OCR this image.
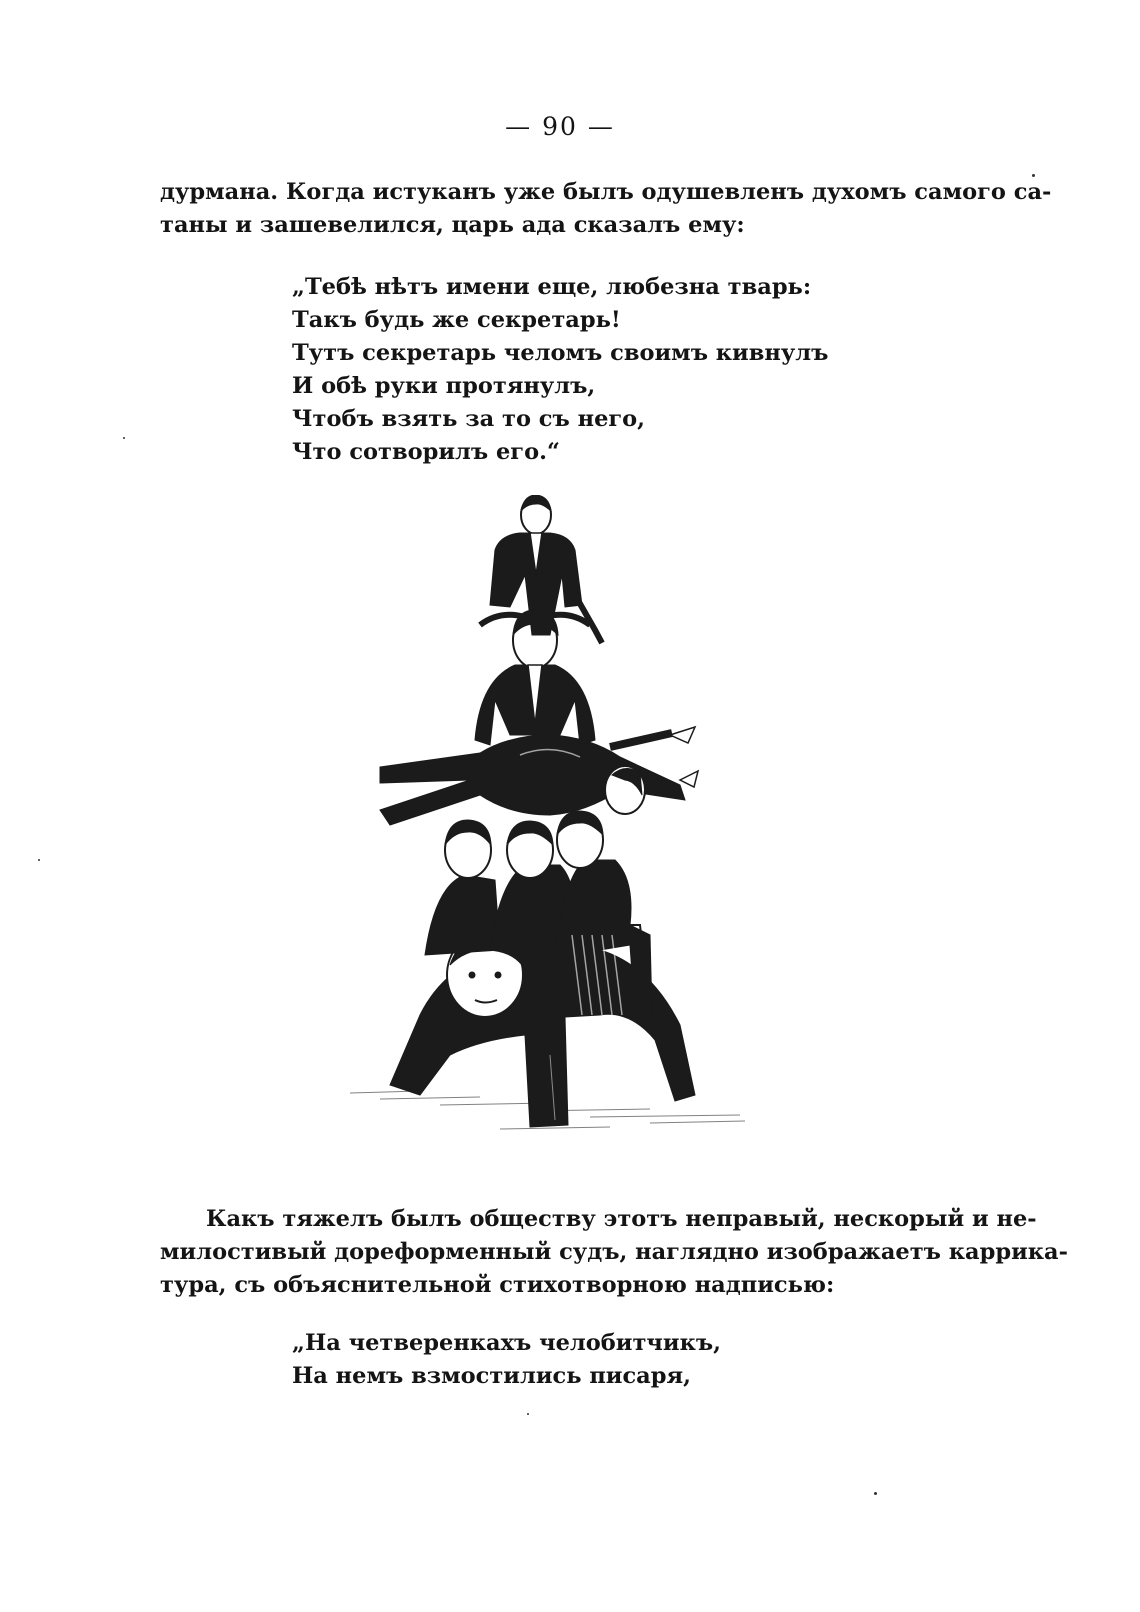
— 90 —

дурмана. Когда истуканъ уже былъ одушевленъ духомъ самого са-
таны и зашевелился, царь ада сказалъ ему:

„Тебѣ нѣтъ имени еще, любезна тварь:
Такъ будь же секретарь!
Тутъ секретарь челомъ своимъ кивнулъ
И обѣ руки протянулъ,
Чтобъ взять за то съ него,
Что сотворилъ его.“

Какъ тяжелъ былъ обществу этотъ неправый, нескорый и не-
милостивый дореформенный судъ, наглядно изображаетъ каррика-
тура, съ объяснительной стихотворною надписью:

„На четверенкахъ челобитчикъ,
На немъ взмостились писаря,
